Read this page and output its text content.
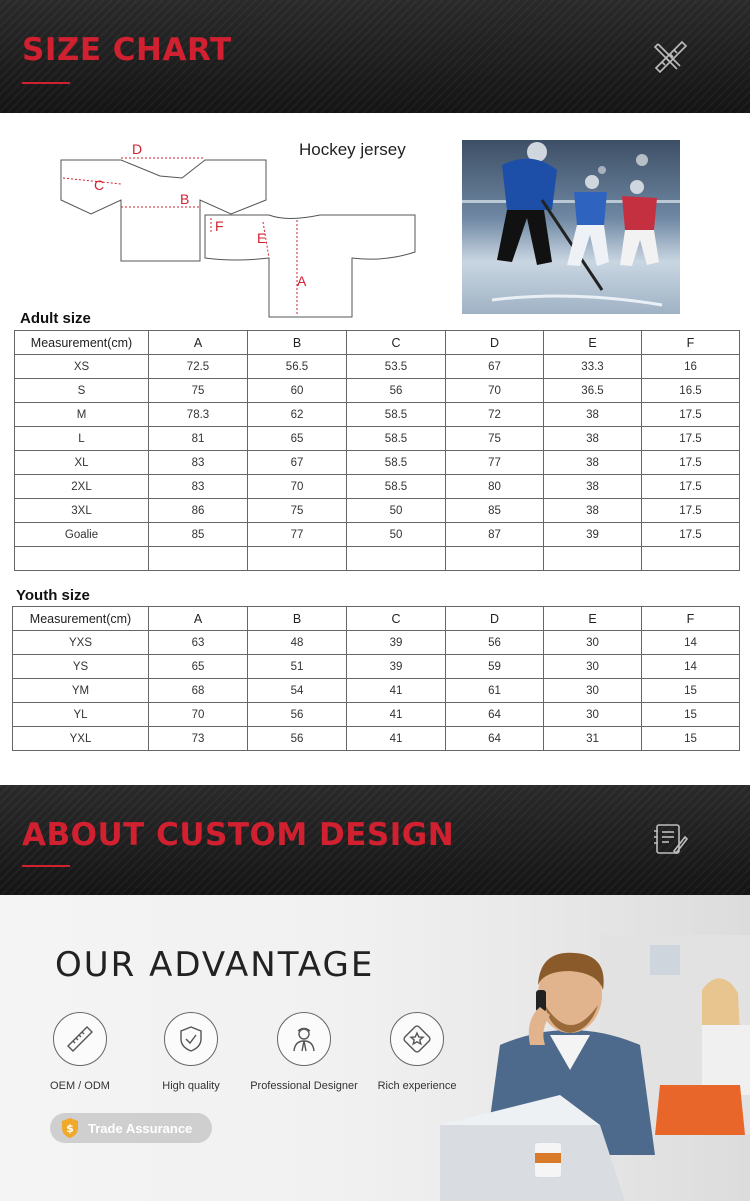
SIZE CHART
D
C
B
F
E
A
Hockey jersey
Adult size
Measurement(cm)	A	B	C	D	E	F
XS	72.5	56.5	53.5	67	33.3	16
S	75	60	56	70	36.5	16.5
M	78.3	62	58.5	72	38	17.5
L	81	65	58.5	75	38	17.5
XL	83	67	58.5	77	38	17.5
2XL	83	70	58.5	80	38	17.5
3XL	86	75	50	85	38	17.5
Goalie	85	77	50	87	39	17.5

Youth size
Measurement(cm)	A	B	C	D	E	F
YXS	63	48	39	56	30	14
YS	65	51	39	59	30	14
YM	68	54	41	61	30	15
YL	70	56	41	64	30	15
YXL	73	56	41	64	31	15
ABOUT CUSTOM DESIGN
OUR ADVANTAGE
OEM / ODM	High quality	Professional Designer	Rich experience
$ Trade Assurance
